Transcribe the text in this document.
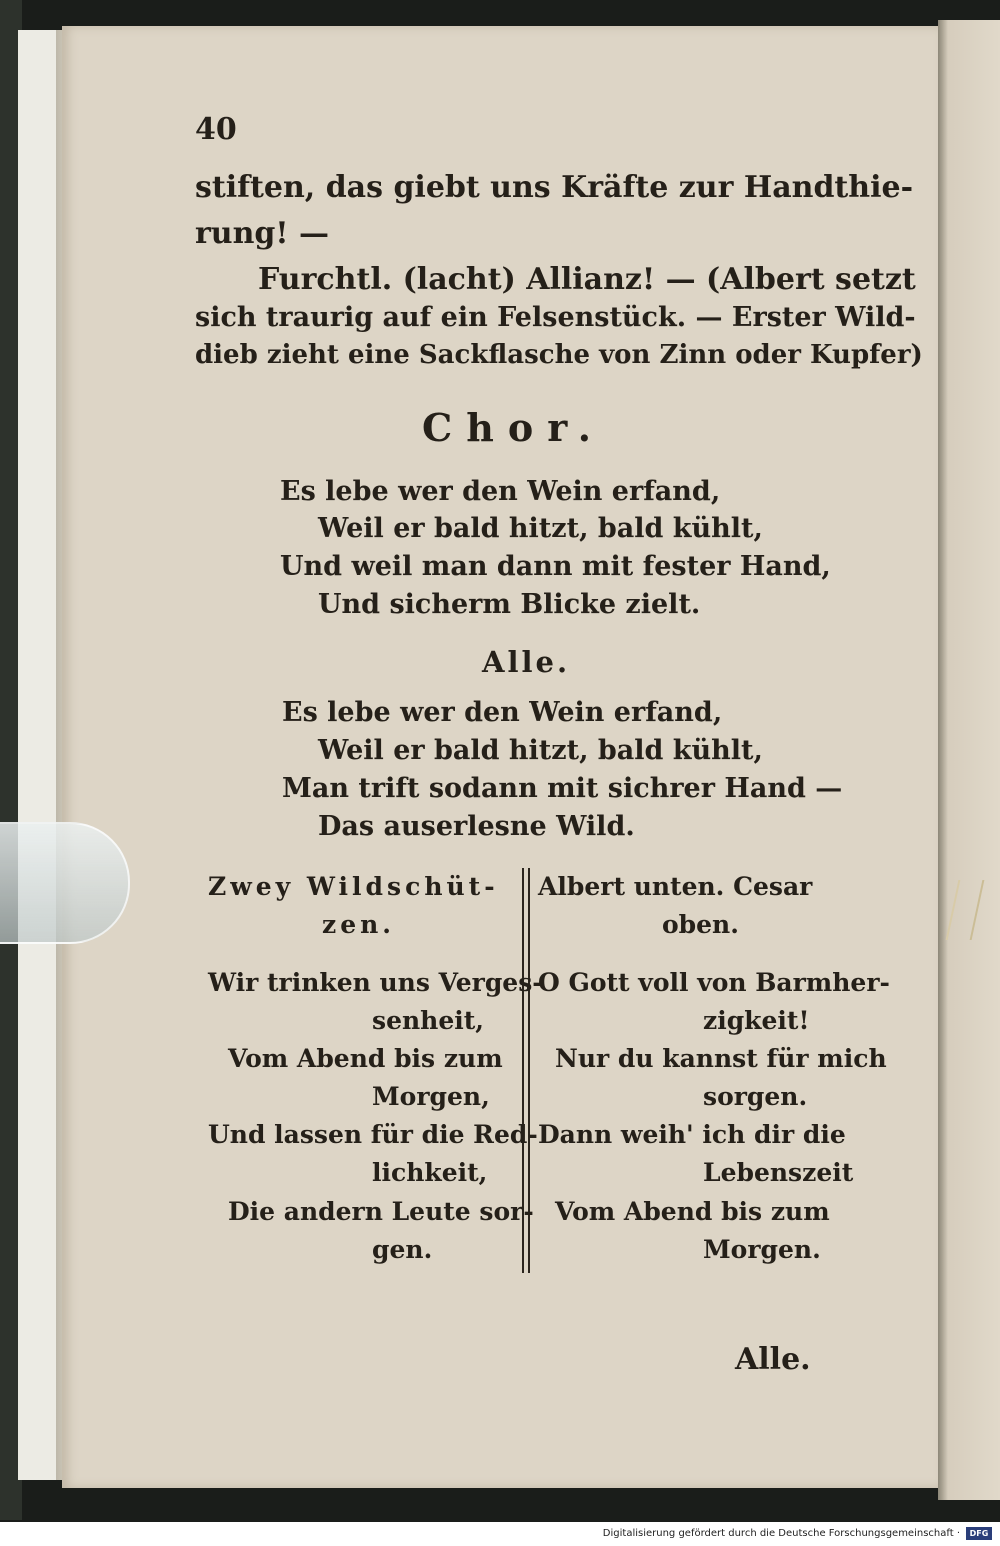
40
stiften, das giebt uns Kräfte zur Handthie-
rung! —
Furchtl. (lacht) Allianz! — (Albert setzt
sich traurig auf ein Felsenstück. — Erster Wild-
dieb zieht eine Sackflasche von Zinn oder Kupfer)
Chor.
Es lebe wer den Wein erfand,
Weil er bald hitzt, bald kühlt,
Und weil man dann mit fester Hand,
Und sicherm Blicke zielt.
Alle.
Es lebe wer den Wein erfand,
Weil er bald hitzt, bald kühlt,
Man trift sodann mit sichrer Hand —
Das auserlesne Wild.
Zwey Wildschüt-
zen.
Wir trinken uns Verges-
senheit,
Vom Abend bis zum
Morgen,
Und lassen für die Red-
lichkeit,
Die andern Leute sor-
gen.
Albert unten. Cesar
oben.
O Gott voll von Barmher-
zigkeit!
Nur du kannst für mich
sorgen.
Dann weih' ich dir die
Lebenszeit
Vom Abend bis zum
Morgen.
Alle.
Digitalisierung gefördert durch die Deutsche Forschungsgemeinschaft ·	DFG
